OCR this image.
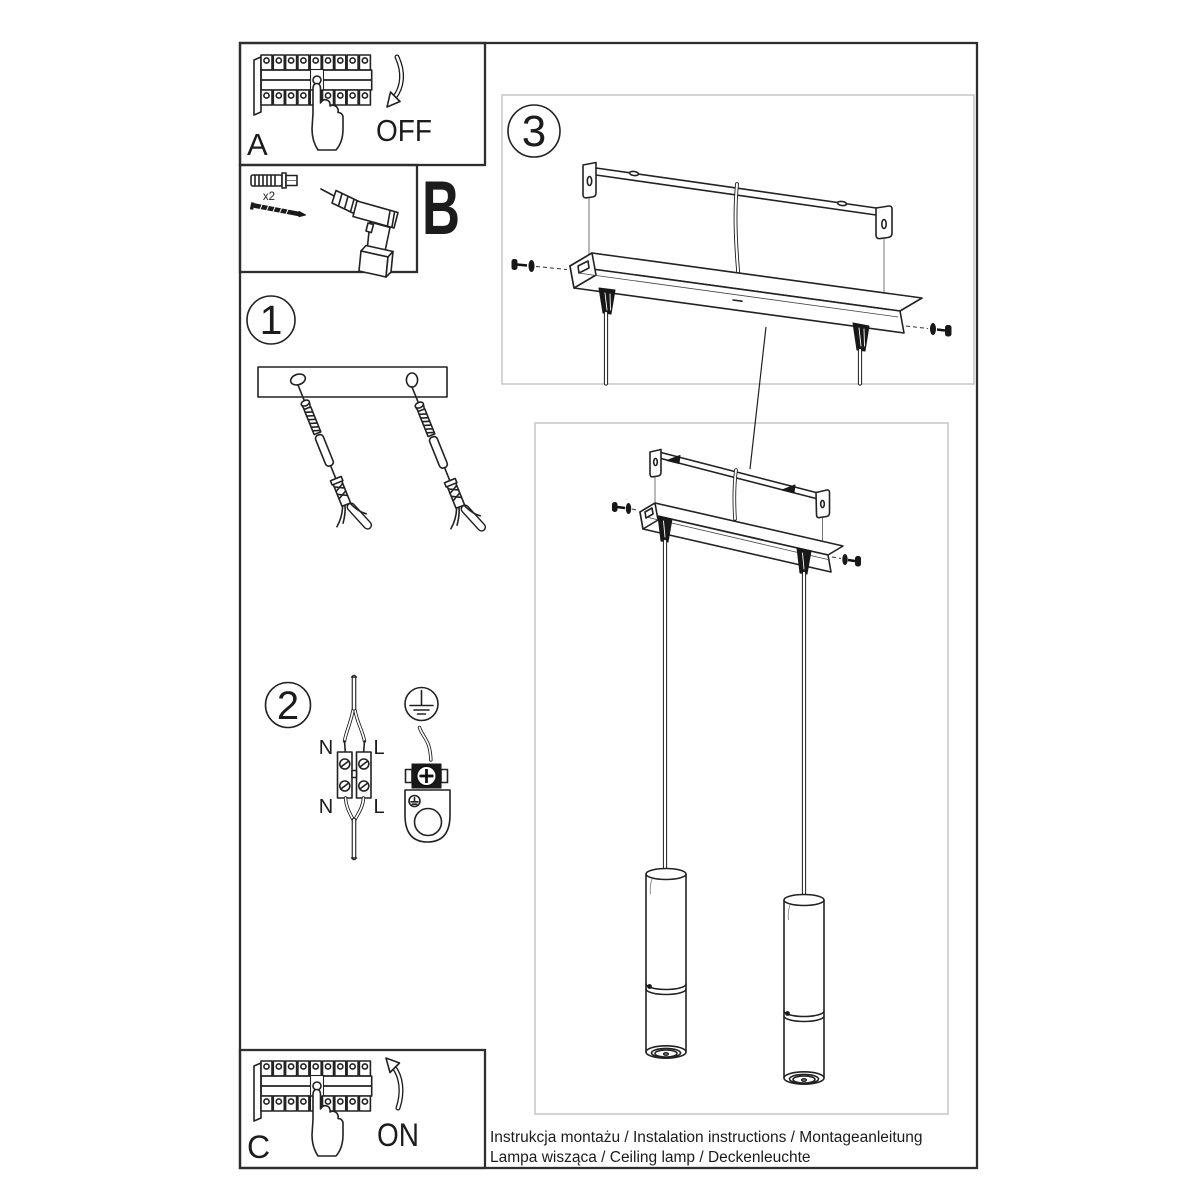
A	OFF
x2 B
1
2
N L
N L
3
C	ON	Instrukcja montażu / Instalation instructions / Montageanleitung
Lampa wisząca / Ceiling lamp / Deckenleuchte
